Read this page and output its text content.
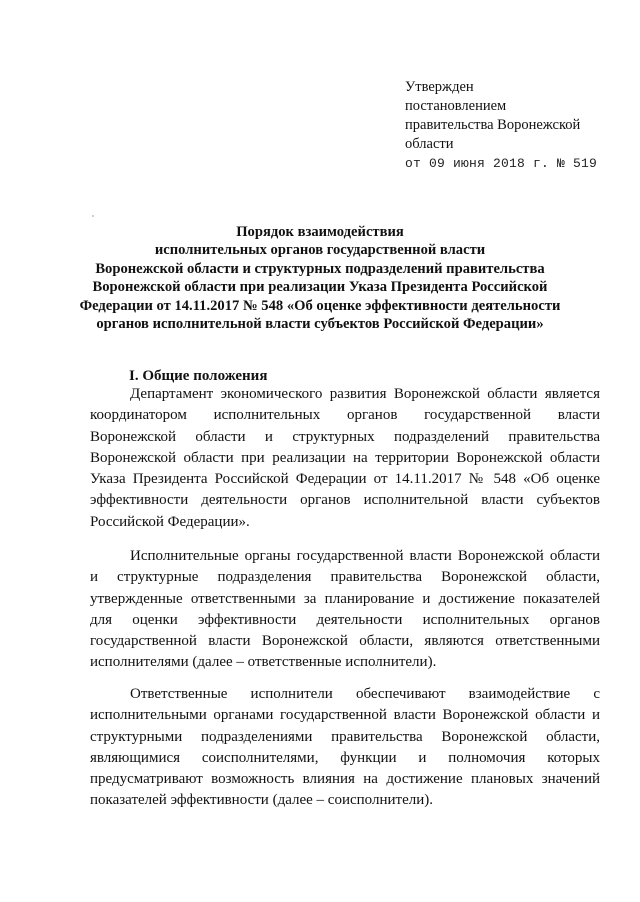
Утвержден
постановлением
правительства Воронежской
области
от 09 июня 2018 г. № 519
Порядок взаимодействия
исполнительных органов государственной власти
Воронежской области и структурных подразделений правительства
Воронежской области при реализации Указа Президента Российской
Федерации от 14.11.2017 № 548 «Об оценке эффективности деятельности
органов исполнительной власти субъектов Российской Федерации»
I. Общие положения
Департамент экономического развития Воронежской области является
координатором исполнительных органов государственной власти
Воронежской области и структурных подразделений правительства
Воронежской области при реализации на территории Воронежской области
Указа Президента Российской Федерации от 14.11.2017 № 548 «Об оценке
эффективности деятельности органов исполнительной власти субъектов
Российской Федерации».
Исполнительные органы государственной власти Воронежской области
и структурные подразделения правительства Воронежской области,
утвержденные ответственными за планирование и достижение показателей
для оценки эффективности деятельности исполнительных органов
государственной власти Воронежской области, являются ответственными
исполнителями (далее – ответственные исполнители).
Ответственные исполнители обеспечивают взаимодействие с
исполнительными органами государственной власти Воронежской области и
структурными подразделениями правительства Воронежской области,
являющимися соисполнителями, функции и полномочия которых
предусматривают возможность влияния на достижение плановых значений
показателей эффективности (далее – соисполнители).
